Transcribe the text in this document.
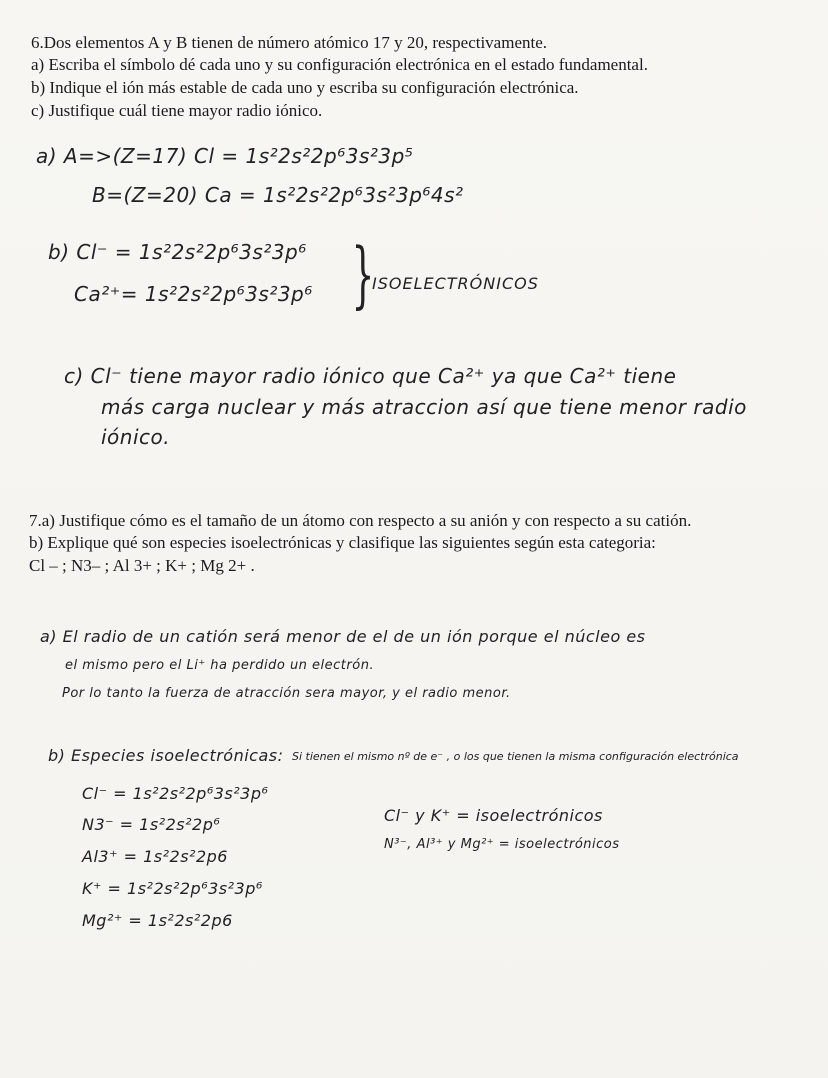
6.Dos elementos A y B tienen de número atómico 17 y 20, respectivamente.
a) Escriba el símbolo dé cada uno y su configuración electrónica en el estado fundamental.
b) Indique el ión más estable de cada uno y escriba su configuración electrónica.
c) Justifique cuál tiene mayor radio iónico.
a) A=>(Z=17) Cl = 1s²2s²2p⁶3s²3p⁵
B=(Z=20) Ca = 1s²2s²2p⁶3s²3p⁶4s²
b) Cl⁻ = 1s²2s²2p⁶3s²3p⁶
Ca²⁺= 1s²2s²2p⁶3s²3p⁶ }
ISOELECTRÓNICOS
c) Cl⁻ tiene mayor radio iónico que Ca²⁺ ya que Ca²⁺ tiene
más carga nuclear y más atraccion así que tiene menor radio
iónico.
7.a) Justifique cómo es el tamaño de un átomo con respecto a su anión y con respecto a su catión.
b) Explique qué son especies isoelectrónicas y clasifique las siguientes según esta categoria:
Cl – ; N3– ; Al 3+ ; K+ ; Mg 2+ .
a) El radio de un catión será menor de el de un ión porque el núcleo es
el mismo pero el Li⁺ ha perdido un electrón.
Por lo tanto la fuerza de atracción sera mayor, y el radio menor.
b) Especies isoelectrónicas: Si tienen el mismo nº de e⁻ , o los que tienen la misma configuración electrónica
Cl⁻ = 1s²2s²2p⁶3s²3p⁶
N3⁻ = 1s²2s²2p⁶
Al3⁺ = 1s²2s²2p6
K⁺ = 1s²2s²2p⁶3s²3p⁶
Mg²⁺ = 1s²2s²2p6
Cl⁻ y K⁺ = isoelectrónicos
N³⁻, Al³⁺ y Mg²⁺ = isoelectrónicos
